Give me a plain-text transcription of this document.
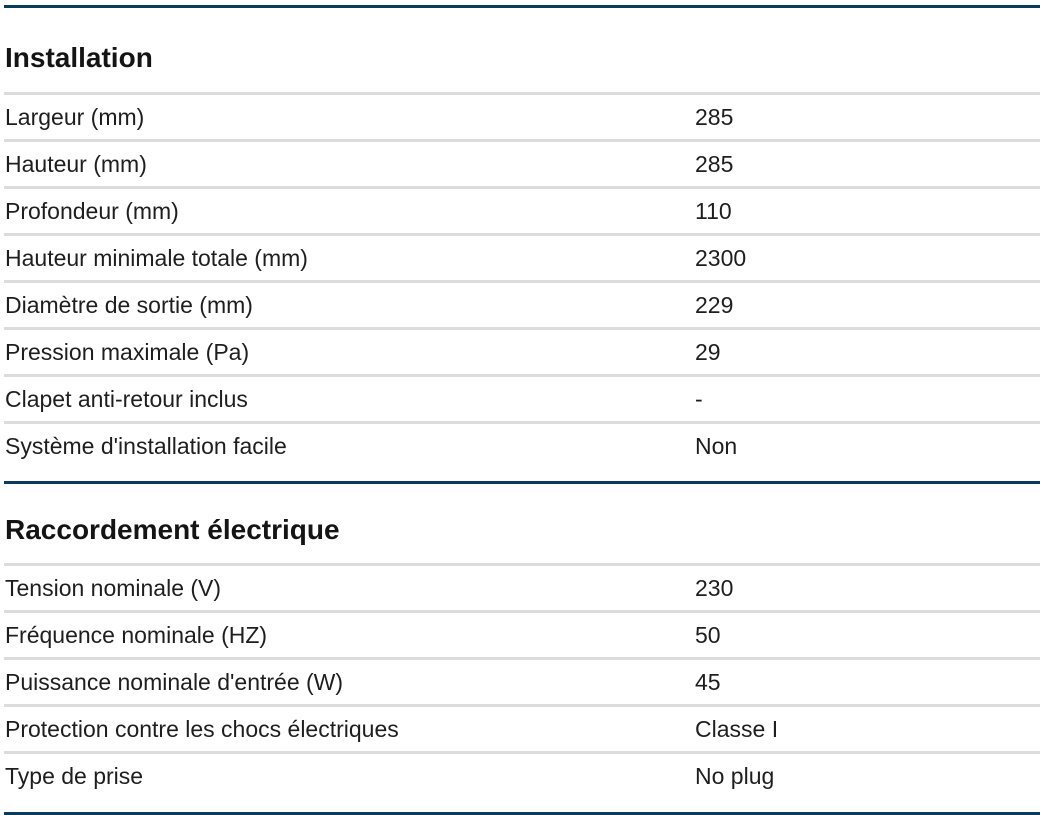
Installation
Largeur (mm)	285
Hauteur (mm)	285
Profondeur (mm)	110
Hauteur minimale totale (mm)	2300
Diamètre de sortie (mm)	229
Pression maximale (Pa)	29
Clapet anti-retour inclus	-
Système d'installation facile	Non
Raccordement électrique
Tension nominale (V)	230
Fréquence nominale (HZ)	50
Puissance nominale d'entrée (W)	45
Protection contre les chocs électriques	Classe I
Type de prise	No plug
